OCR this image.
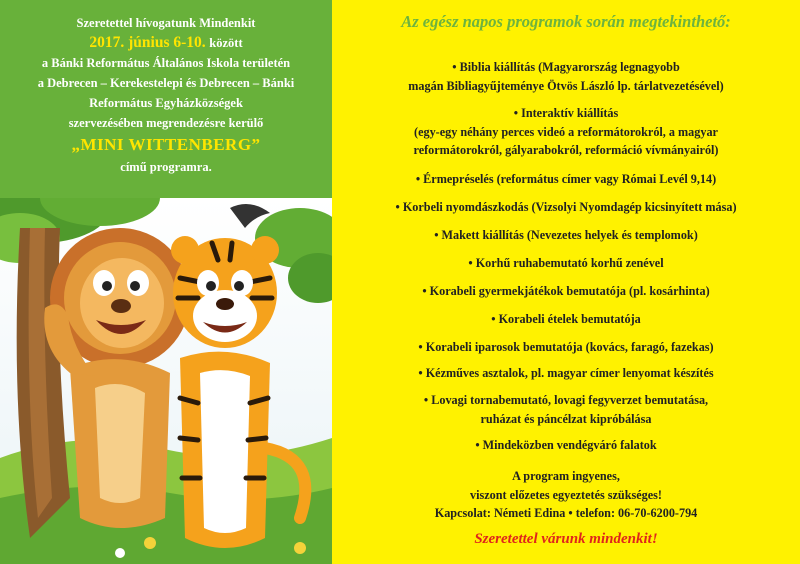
Szeretettel hívogatunk Mindenkit
2017. június 6-10. között
a Bánki Református Általános Iskola területén
a Debrecen – Kerekestelepi és Debrecen – Bánki
Református Egyházközségek
szervezésében megrendezésre kerülő
„MINI WITTENBERG”
című programra.
Az egész napos programok során megtekinthető:
• Biblia kiállítás (Magyarország legnagyobb
magán Bibliagyűjteménye Ötvös László lp. tárlatvezetésével)
• Interaktív kiállítás
(egy-egy néhány perces videó a reformátorokról, a magyar
reformátorokról, gályarabokról, reformáció vívmányairól)
• Érmepréselés (református címer vagy Római Levél 9,14)
• Korbeli nyomdászkodás (Vizsolyi Nyomdagép kicsinyített mása)
• Makett kiállítás (Nevezetes helyek és templomok)
• Korhű ruhabemutató korhű zenével
• Korabeli gyermekjátékok bemutatója (pl. kosárhinta)
• Korabeli ételek bemutatója
• Korabeli iparosok bemutatója (kovács, faragó, fazekas)
• Kézműves asztalok, pl. magyar címer lenyomat készítés
• Lovagi tornabemutató, lovagi fegyverzet bemutatása,
ruházat és páncélzat kipróbálása
• Mindeközben vendégváró falatok
A program ingyenes,
viszont előzetes egyeztetés szükséges!
Kapcsolat: Németi Edina • telefon: 06-70-6200-794
Szeretettel várunk mindenkit!
